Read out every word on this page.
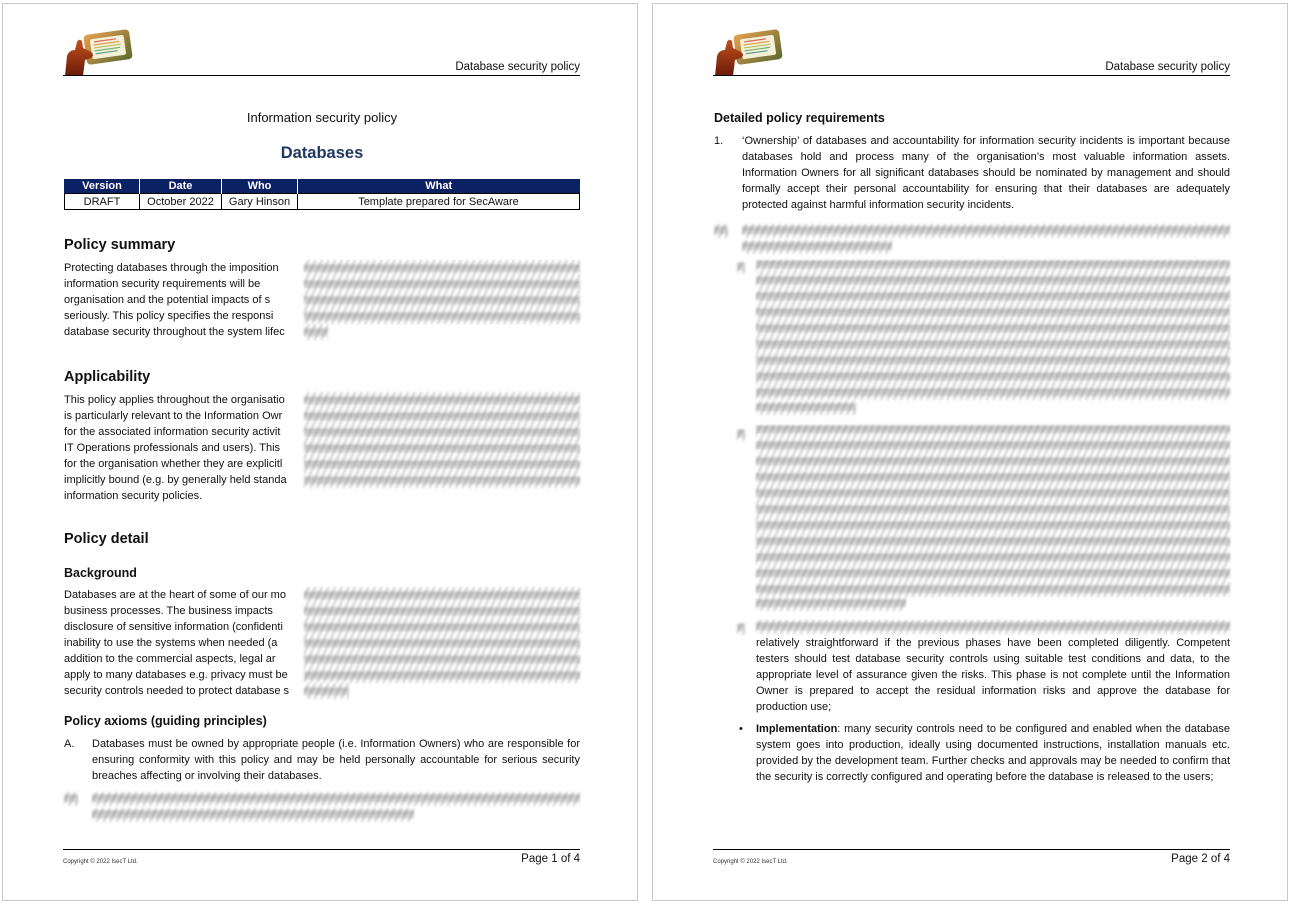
Database security policy
Information security policy
Databases
Version	Date	Who	What
DRAFT	October 2022	Gary Hinson	Template prepared for SecAware
Policy summary

Protecting databases through the imposition

information security requirements will be

organisation and the potential impacts of s

seriously. This policy specifies the responsi

database security throughout the system lifec

Applicability

This policy applies throughout the organisatio

is particularly relevant to the Information Owr

for the associated information security activit

IT Operations professionals and users). This

for the organisation whether they are explicitl

implicitly bound (e.g. by generally held standa

information security policies.

Policy detail
Background

Databases are at the heart of some of our mo

business processes. The business impacts

disclosure of sensitive information (confidenti

inability to use the systems when needed (a

addition to the commercial aspects, legal ar

apply to many databases e.g. privacy must be

security controls needed to protect database s

Policy axioms (guiding principles)
A. Databases must be owned by appropriate people (i.e. Information Owners) who are responsible for ensuring conformity with this policy and may be held personally accountable for serious security breaches affecting or involving their databases.
Copyright © 2022 IsecT Ltd.	Page 1 of 4
Database security policy
Detailed policy requirements
1. ‘Ownership’ of databases and accountability for information security incidents is important because databases hold and process many of the organisation’s most valuable information assets. Information Owners for all significant databases should be nominated by management and should formally accept their personal accountability for ensuring that their databases are adequately protected against harmful information security incidents.
relatively straightforward if the previous phases have been completed diligently. Competent testers should test database security controls using suitable test conditions and data, to the appropriate level of assurance given the risks. This phase is not complete until the Information Owner is prepared to accept the residual information risks and approve the database for production use;
• Implementation: many security controls need to be configured and enabled when the database system goes into production, ideally using documented instructions, installation manuals etc. provided by the development team. Further checks and approvals may be needed to confirm that the security is correctly configured and operating before the database is released to the users;
Copyright © 2022 IsecT Ltd.	Page 2 of 4
